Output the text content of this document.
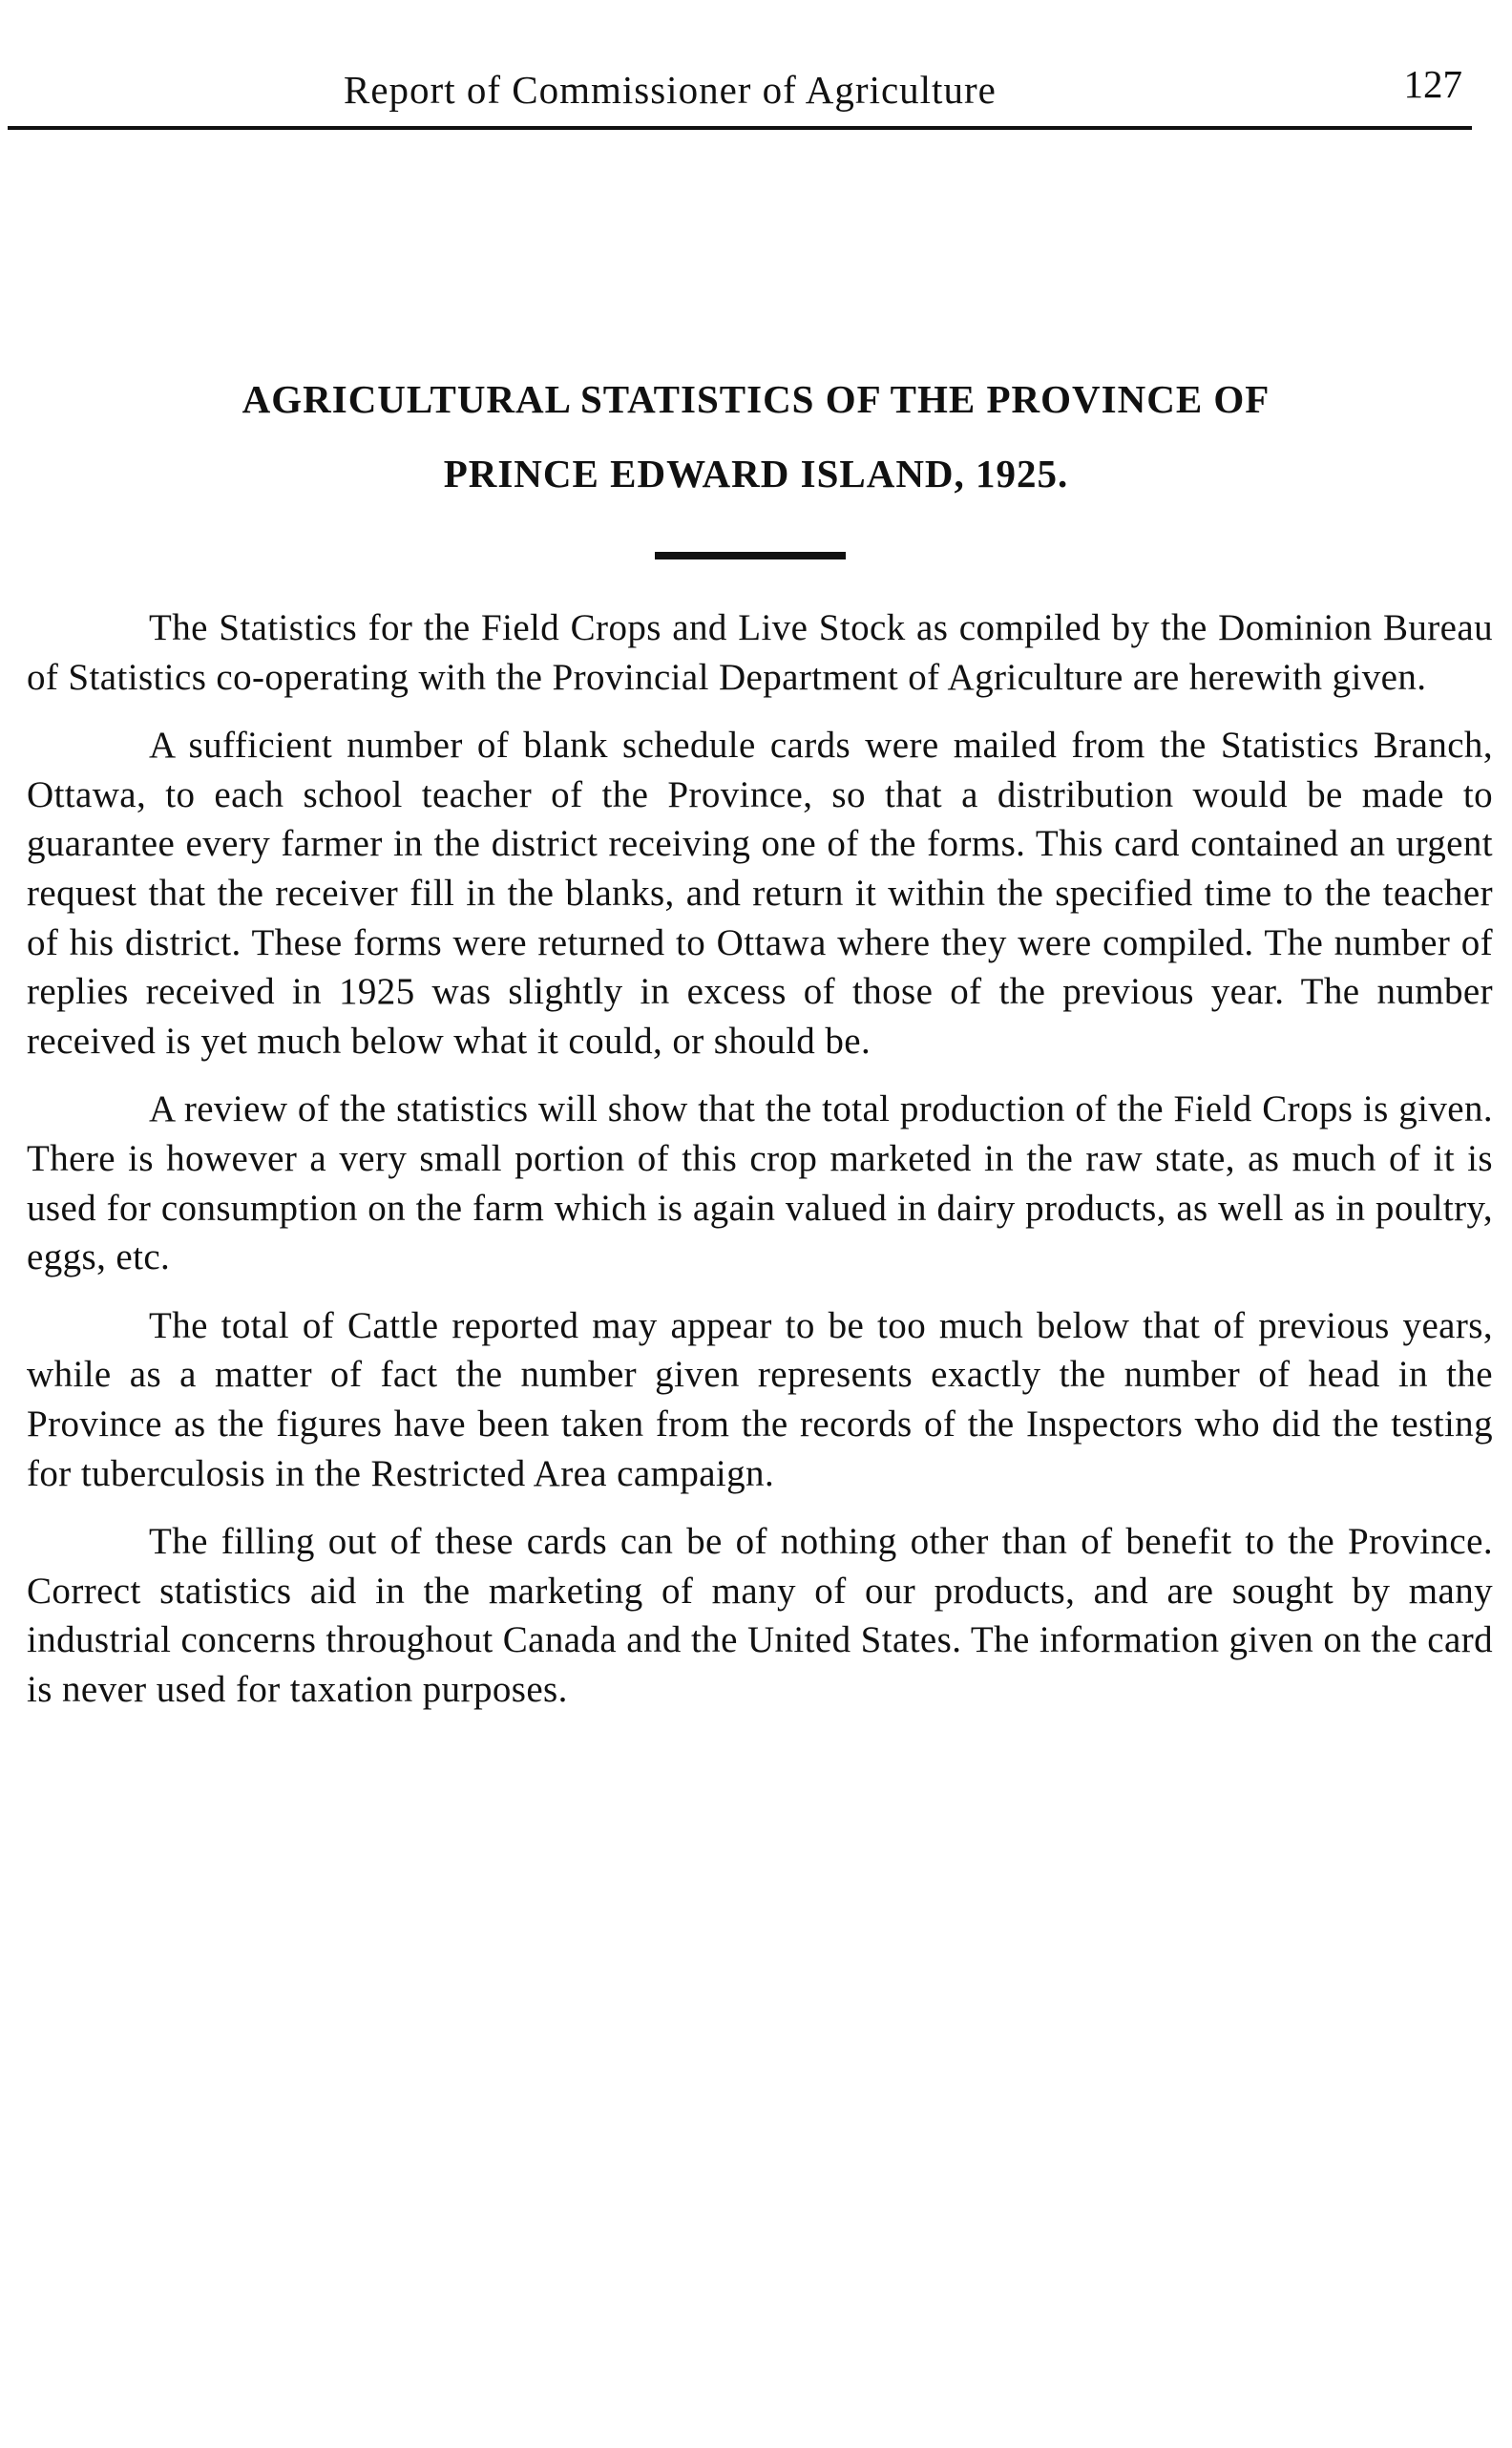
Report of Commissioner of Agriculture	127
AGRICULTURAL STATISTICS OF THE PROVINCE OF
PRINCE EDWARD ISLAND, 1925.

The Statistics for the Field Crops and Live Stock as compiled by the Dominion Bureau of Statistics co-operating with the Provincial Department of Agriculture are herewith given.

A sufficient number of blank schedule cards were mailed from the Statistics Branch, Ottawa, to each school teacher of the Province, so that a distribution would be made to guarantee every farmer in the district receiving one of the forms. This card contained an urgent request that the receiver fill in the blanks, and return it within the specified time to the teacher of his district. These forms were returned to Ottawa where they were compiled. The number of replies received in 1925 was slightly in excess of those of the previous year. The number received is yet much below what it could, or should be.

A review of the statistics will show that the total production of the Field Crops is given. There is however a very small portion of this crop marketed in the raw state, as much of it is used for consumption on the farm which is again valued in dairy products, as well as in poultry, eggs, etc.

The total of Cattle reported may appear to be too much below that of previous years, while as a matter of fact the number given represents exactly the number of head in the Province as the figures have been taken from the records of the Inspectors who did the testing for tuberculosis in the Restricted Area campaign.

The filling out of these cards can be of nothing other than of benefit to the Province. Correct statistics aid in the marketing of many of our products, and are sought by many industrial concerns throughout Canada and the United States. The information given on the card is never used for taxation purposes.
